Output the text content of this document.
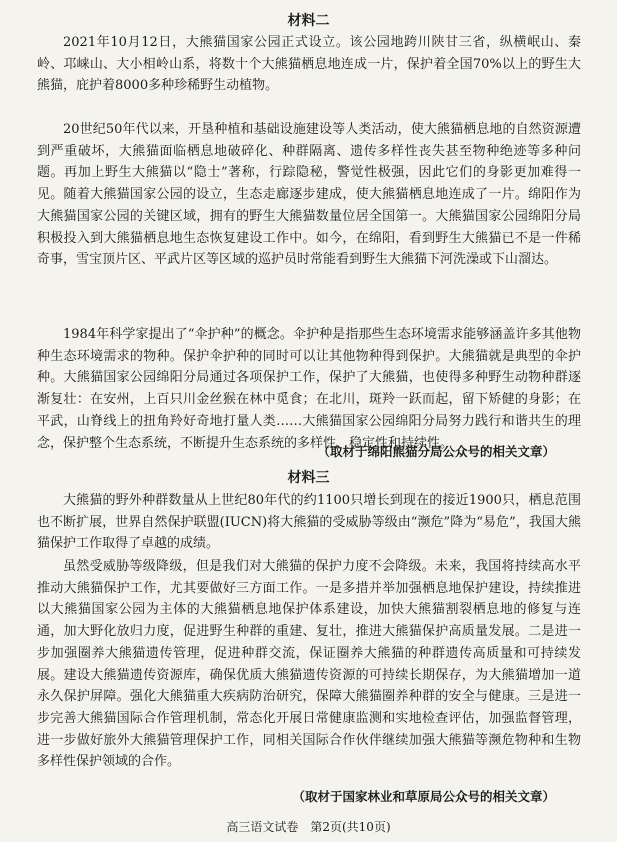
材料二

2021年10月12日，大熊猫国家公园正式设立。该公园地跨川陕甘三省，纵横岷山、秦岭、邛崃山、大小相岭山系，将数十个大熊猫栖息地连成一片，保护着全国70%以上的野生大熊猫，庇护着8000多种珍稀野生动植物。

20世纪50年代以来，开垦种植和基础设施建设等人类活动，使大熊猫栖息地的自然资源遭到严重破坏，大熊猫面临栖息地破碎化、种群隔离、遗传多样性丧失甚至物种绝迹等多种问题。再加上野生大熊猫以“隐士”著称，行踪隐秘，警觉性极强，因此它们的身影更加难得一见。随着大熊猫国家公园的设立，生态走廊逐步建成，使大熊猫栖息地连成了一片。绵阳作为大熊猫国家公园的关键区域，拥有的野生大熊猫数量位居全国第一。大熊猫国家公园绵阳分局积极投入到大熊猫栖息地生态恢复建设工作中。如今，在绵阳，看到野生大熊猫已不是一件稀奇事，雪宝顶片区、平武片区等区域的巡护员时常能看到野生大熊猫下河洗澡或下山溜达。

1984年科学家提出了“伞护种”的概念。伞护种是指那些生态环境需求能够涵盖许多其他物种生态环境需求的物种。保护伞护种的同时可以让其他物种得到保护。大熊猫就是典型的伞护种。大熊猫国家公园绵阳分局通过各项保护工作，保护了大熊猫，也使得多种野生动物种群逐渐复壮：在安州，上百只川金丝猴在林中觅食；在北川，斑羚一跃而起，留下矫健的身影；在平武，山脊线上的扭角羚好奇地打量人类……大熊猫国家公园绵阳分局努力践行和谐共生的理念，保护整个生态系统，不断提升生态系统的多样性、稳定性和持续性。

（取材于绵阳熊猫分局公众号的相关文章）
材料三

大熊猫的野外种群数量从上世纪80年代的约1100只增长到现在的接近1900只，栖息范围也不断扩展，世界自然保护联盟(IUCN)将大熊猫的受威胁等级由“濒危”降为“易危”，我国大熊猫保护工作取得了卓越的成绩。

虽然受威胁等级降级，但是我们对大熊猫的保护力度不会降级。未来，我国将持续高水平推动大熊猫保护工作，尤其要做好三方面工作。一是多措并举加强栖息地保护建设，持续推进以大熊猫国家公园为主体的大熊猫栖息地保护体系建设，加快大熊猫割裂栖息地的修复与连通，加大野化放归力度，促进野生种群的重建、复壮，推进大熊猫保护高质量发展。二是进一步加强圈养大熊猫遗传管理，促进种群交流，保证圈养大熊猫的种群遗传高质量和可持续发展。建设大熊猫遗传资源库，确保优质大熊猫遗传资源的可持续长期保存，为大熊猫增加一道永久保护屏障。强化大熊猫重大疾病防治研究，保障大熊猫圈养种群的安全与健康。三是进一步完善大熊猫国际合作管理机制，常态化开展日常健康监测和实地检查评估，加强监督管理，进一步做好旅外大熊猫管理保护工作，同相关国际合作伙伴继续加强大熊猫等濒危物种和生物多样性保护领域的合作。

（取材于国家林业和草原局公众号的相关文章）
高三语文试卷　第2页(共10页)
